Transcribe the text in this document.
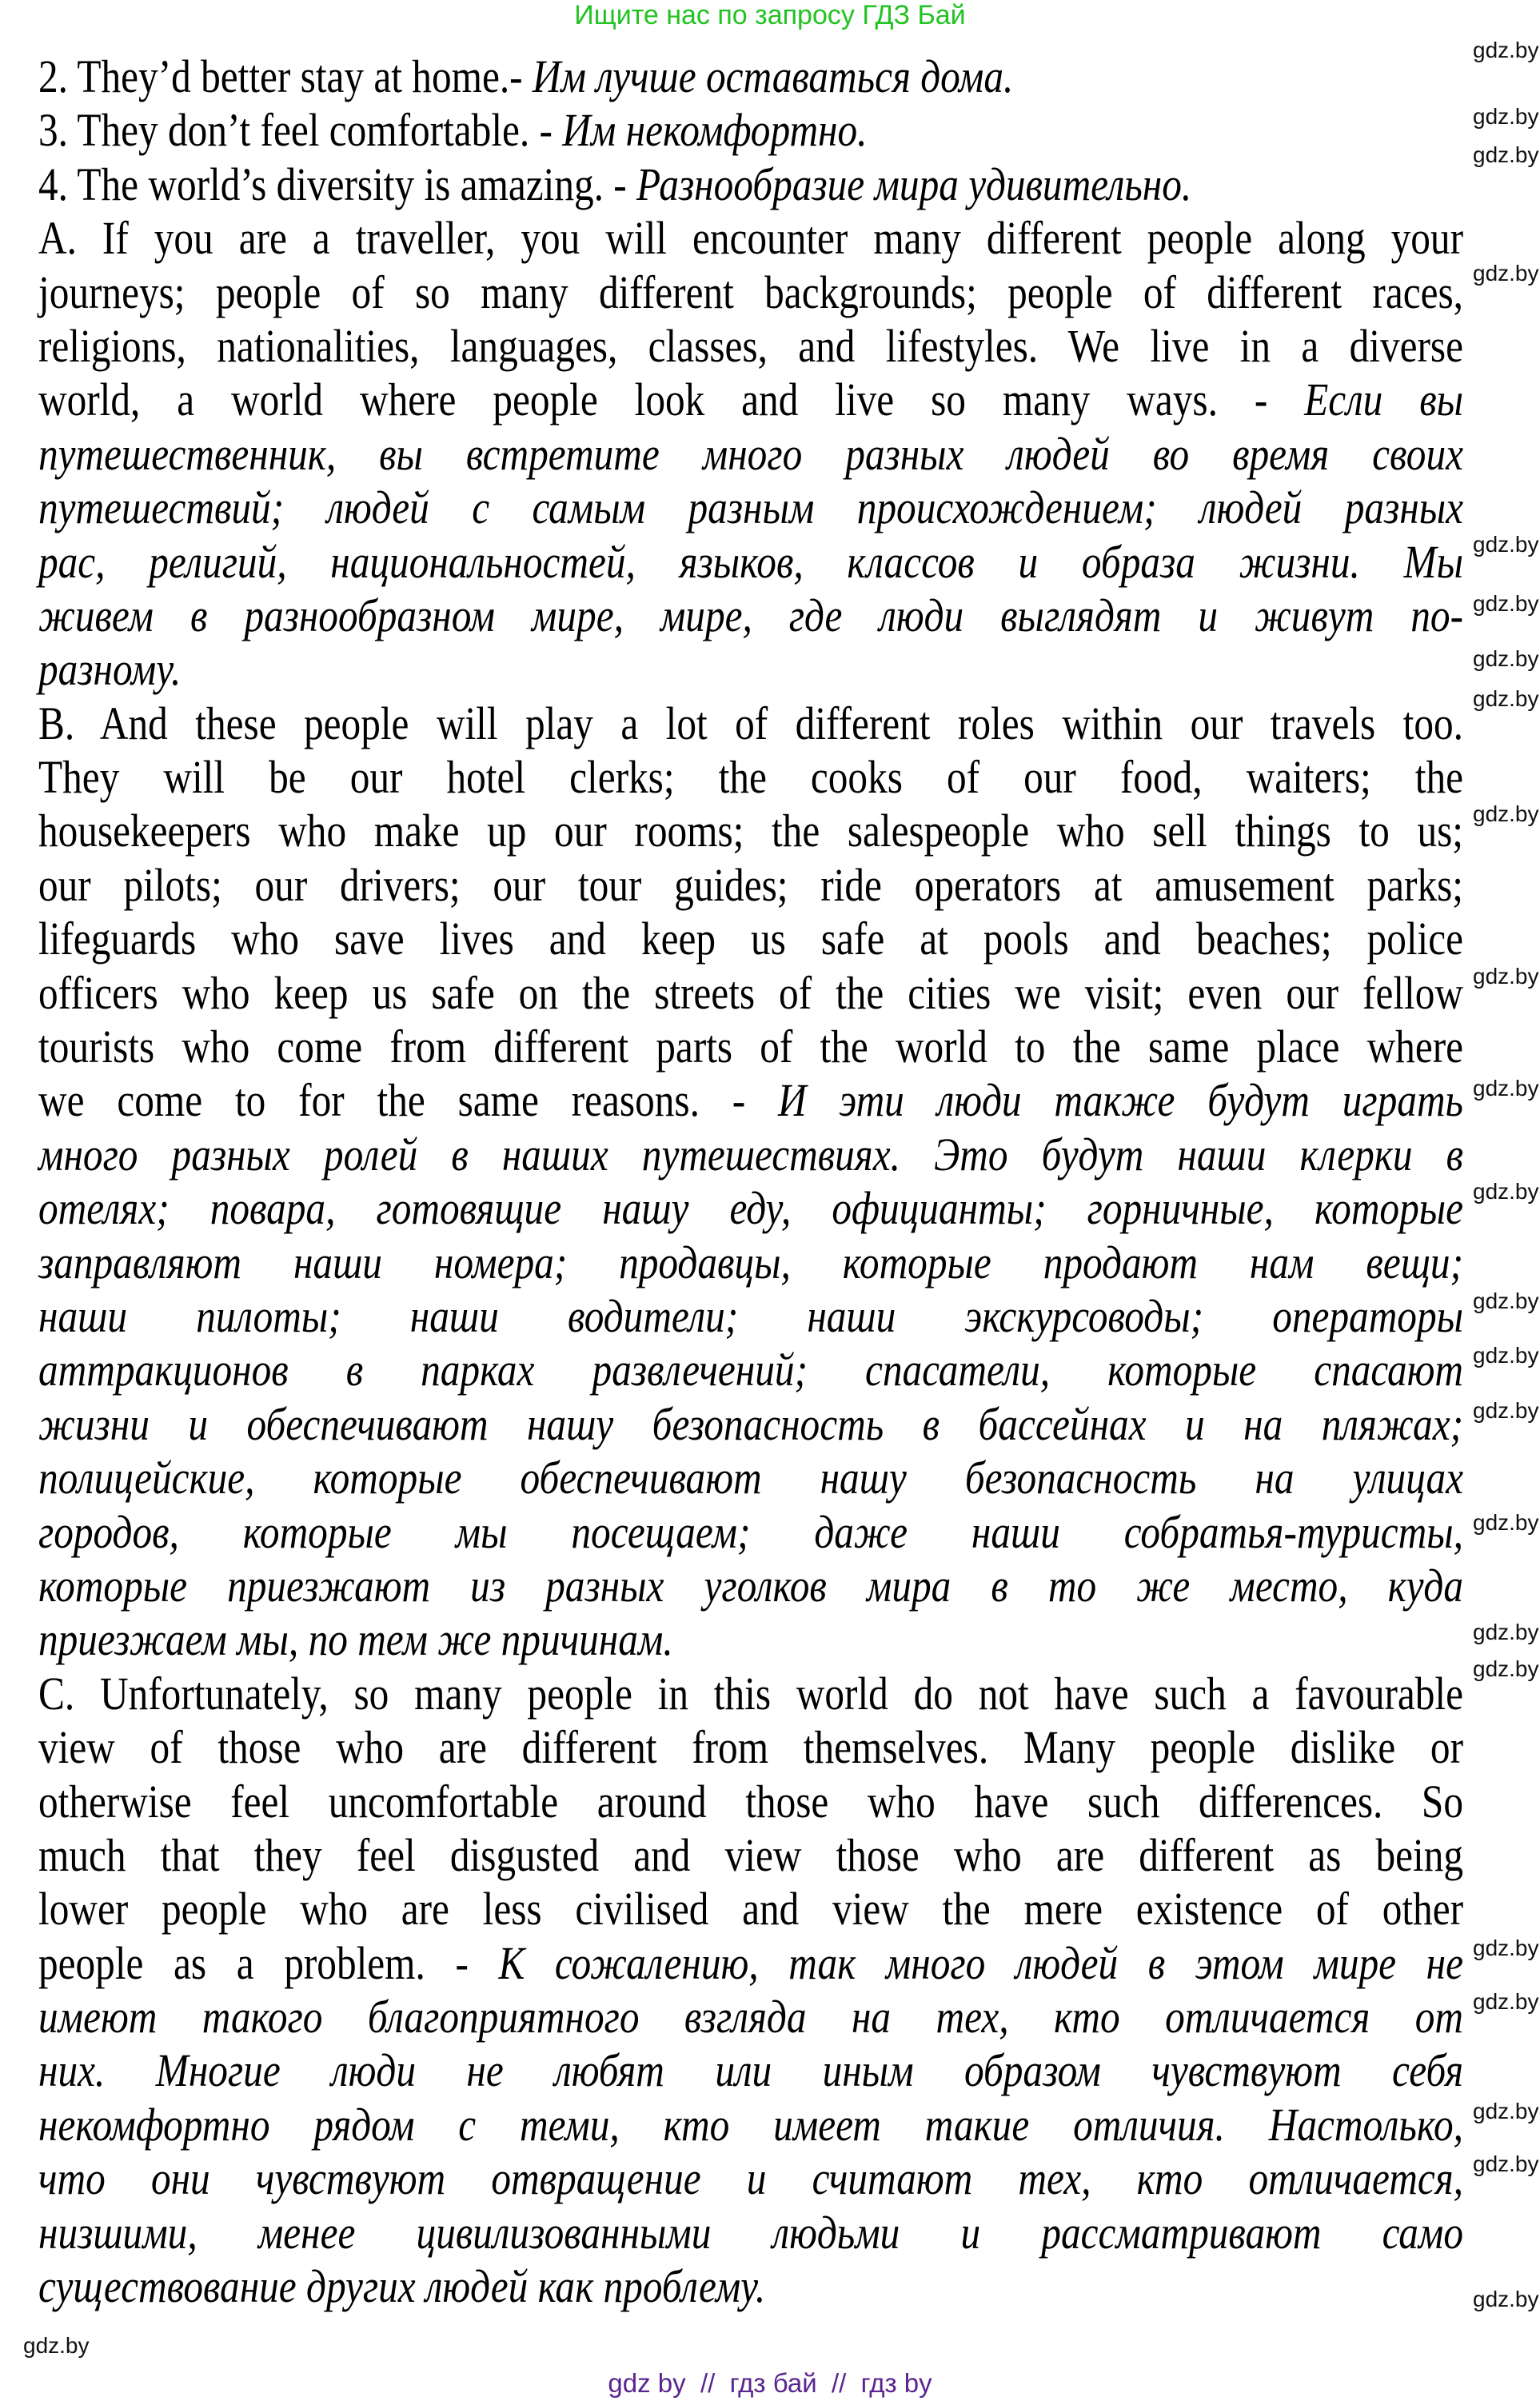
Ищите нас по запросу ГДЗ Бай
2. They’d better stay at home.- Им лучше оставаться дома.
3. They don’t feel comfortable. - Им некомфортно.
4. The world’s diversity is amazing. - Разнообразие мира удивительно.
A. If you are a traveller, you will encounter many different people along your
journeys; people of so many different backgrounds; people of different races,
religions, nationalities, languages, classes, and lifestyles. We live in a diverse
world, a world where people look and live so many ways. - Если вы
путешественник, вы встретите много разных людей во время своих
путешествий; людей с самым разным происхождением; людей разных
рас, религий, национальностей, языков, классов и образа жизни. Мы
живем в разнообразном мире, мире, где люди выглядят и живут по-
разному.
B. And these people will play a lot of different roles within our travels too.
They will be our hotel clerks; the cooks of our food, waiters; the
housekeepers who make up our rooms; the salespeople who sell things to us;
our pilots; our drivers; our tour guides; ride operators at amusement parks;
lifeguards who save lives and keep us safe at pools and beaches; police
officers who keep us safe on the streets of the cities we visit; even our fellow
tourists who come from different parts of the world to the same place where
we come to for the same reasons. - И эти люди также будут играть
много разных ролей в наших путешествиях. Это будут наши клерки в
отелях; повара, готовящие нашу еду, официанты; горничные, которые
заправляют наши номера; продавцы, которые продают нам вещи;
наши пилоты; наши водители; наши экскурсоводы; операторы
аттракционов в парках развлечений; спасатели, которые спасают
жизни и обеспечивают нашу безопасность в бассейнах и на пляжах;
полицейские, которые обеспечивают нашу безопасность на улицах
городов, которые мы посещаем; даже наши собратья-туристы,
которые приезжают из разных уголков мира в то же место, куда
приезжаем мы, по тем же причинам.
C. Unfortunately, so many people in this world do not have such a favourable
view of those who are different from themselves. Many people dislike or
otherwise feel uncomfortable around those who have such differences. So
much that they feel disgusted and view those who are different as being
lower people who are less civilised and view the mere existence of other
people as a problem. - К сожалению, так много людей в этом мире не
имеют такого благоприятного взгляда на тех, кто отличается от
них. Многие люди не любят или иным образом чувствуют себя
некомфортно рядом с теми, кто имеет такие отличия. Настолько,
что они чувствуют отвращение и считают тех, кто отличается,
низшими, менее цивилизованными людьми и рассматривают само
существование других людей как проблему.
gdz.by
gdz.by
gdz.by
gdz.by
gdz.by
gdz.by
gdz.by
gdz.by
gdz.by
gdz.by
gdz.by
gdz.by
gdz.by
gdz.by
gdz.by
gdz.by
gdz.by
gdz.by
gdz.by
gdz.by
gdz.by
gdz.by
gdz.by
gdz.by
gdz by  //  гдз бай  //  гдз by
